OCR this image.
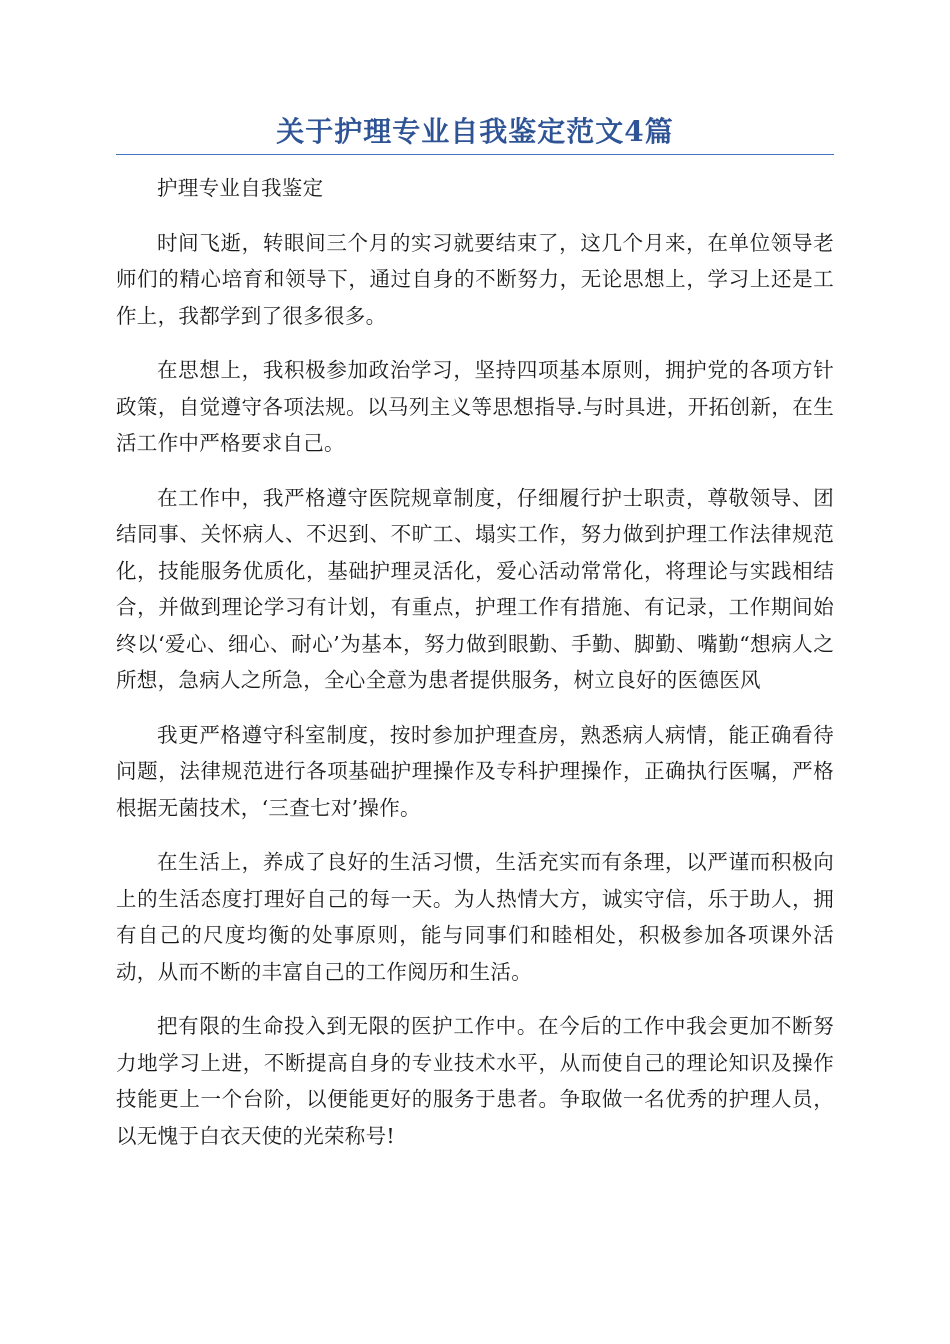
关于护理专业自我鉴定范文4篇

护理专业自我鉴定

时间飞逝，转眼间三个月的实习就要结束了，这几个月来，在单位领导老师们的精心培育和领导下，通过自身的不断努力，无论思想上，学习上还是工作上，我都学到了很多很多。

在思想上，我积极参加政治学习，坚持四项基本原则，拥护党的各项方针政策，自觉遵守各项法规。以马列主义等思想指导.与时具进，开拓创新，在生活工作中严格要求自己。

在工作中，我严格遵守医院规章制度，仔细履行护士职责，尊敬领导、团结同事、关怀病人、不迟到、不旷工、塌实工作，努力做到护理工作法律规范化，技能服务优质化，基础护理灵活化，爱心活动常常化，将理论与实践相结合，并做到理论学习有计划，有重点，护理工作有措施、有记录，工作期间始终以‘爱心、细心、耐心’为基本，努力做到眼勤、手勤、脚勤、嘴勤“想病人之所想，急病人之所急，全心全意为患者提供服务，树立良好的医德医风

我更严格遵守科室制度，按时参加护理查房，熟悉病人病情，能正确看待问题，法律规范进行各项基础护理操作及专科护理操作，正确执行医嘱，严格根据无菌技术，‘三查七对’操作。

在生活上，养成了良好的生活习惯，生活充实而有条理，以严谨而积极向上的生活态度打理好自己的每一天。为人热情大方，诚实守信，乐于助人，拥有自己的尺度均衡的处事原则，能与同事们和睦相处，积极参加各项课外活动，从而不断的丰富自己的工作阅历和生活。

把有限的生命投入到无限的医护工作中。在今后的工作中我会更加不断努力地学习上进，不断提高自身的专业技术水平，从而使自己的理论知识及操作技能更上一个台阶，以便能更好的服务于患者。争取做一名优秀的护理人员，以无愧于白衣天使的光荣称号!
